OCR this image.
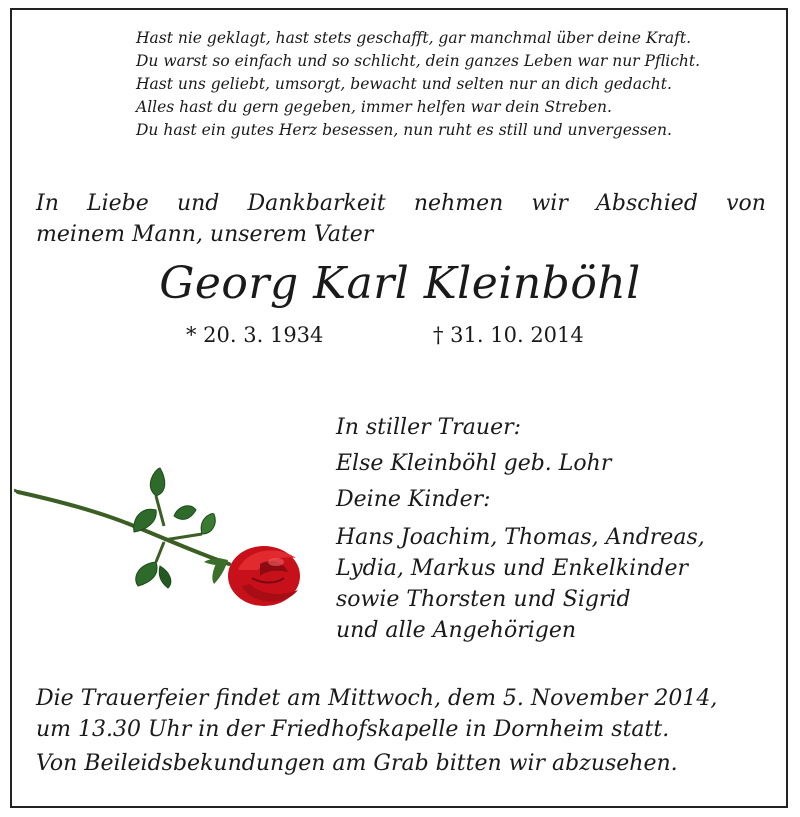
Hast nie geklagt, hast stets geschafft, gar manchmal über deine Kraft.
Du warst so einfach und so schlicht, dein ganzes Leben war nur Pflicht.
Hast uns geliebt, umsorgt, bewacht und selten nur an dich gedacht.
Alles hast du gern gegeben, immer helfen war dein Streben.
Du hast ein gutes Herz besessen, nun ruht es still und unvergessen.
In Liebe und Dankbarkeit nehmen wir Abschied von
meinem Mann, unserem Vater
Georg Karl Kleinböhl
* 20. 3. 1934	† 31. 10. 2014
In stiller Trauer:
Else Kleinböhl geb. Lohr
Deine Kinder:
Hans Joachim, Thomas, Andreas,
Lydia, Markus und Enkelkinder
sowie Thorsten und Sigrid
und alle Angehörigen
Die Trauerfeier findet am Mittwoch, dem 5. November 2014,
um 13.30 Uhr in der Friedhofskapelle in Dornheim statt.
Von Beileidsbekundungen am Grab bitten wir abzusehen.
